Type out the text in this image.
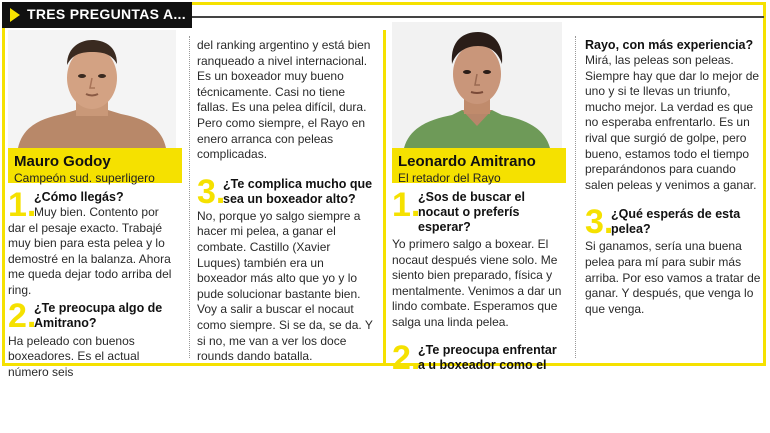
TRES PREGUNTAS A...
Mauro Godoy
Campeón sud. superligero
1.

¿Cómo llegás?

Muy bien. Contento por

dar el pesaje exacto. Trabajé muy bien para esta pelea y lo demostré en la balanza. Ahora me queda dejar todo arriba del ring.

2.

¿Te preocupa algo de Amitrano?

Ha peleado con buenos boxeadores. Es el actual número seis

del ranking argentino y está bien ranqueado a nivel internacional. Es un boxeador muy bueno técnicamente. Casi no tiene fallas. Es una pelea difícil, dura. Pero como siempre, el Rayo en enero arranca con peleas complicadas.

3.

¿Te complica mucho que sea un boxeador alto?

No, porque yo salgo siempre a hacer mi pelea, a ganar el combate. Castillo (Xavier Luques) también era un boxeador más alto que yo y lo pude solucionar bastante bien. Voy a salir a buscar el nocaut como siempre. Si se da, se da. Y si no, me van a ver los doce rounds dando batalla.

Leonardo Amitrano
El retador del Rayo
1.

¿Sos de buscar el nocaut o preferís esperar?

Yo primero salgo a boxear. El nocaut después viene solo. Me siento bien preparado, física y mentalmente. Venimos a dar un lindo combate. Esperamos que salga una linda pelea.

2.

¿Te preocupa enfrentar a u boxeador como el

Rayo, con más experiencia?

Mirá, las peleas son peleas. Siempre hay que dar lo mejor de uno y si te llevas un triunfo, mucho mejor. La verdad es que no esperaba enfrentarlo. Es un rival que surgió de golpe, pero bueno, estamos todo el tiempo preparándonos para cuando salen peleas y venimos a ganar.

3.

¿Qué esperás de esta pelea?

Si ganamos, sería una buena pelea para mí para subir más arriba. Por eso vamos a tratar de ganar. Y después, que venga lo que venga.
